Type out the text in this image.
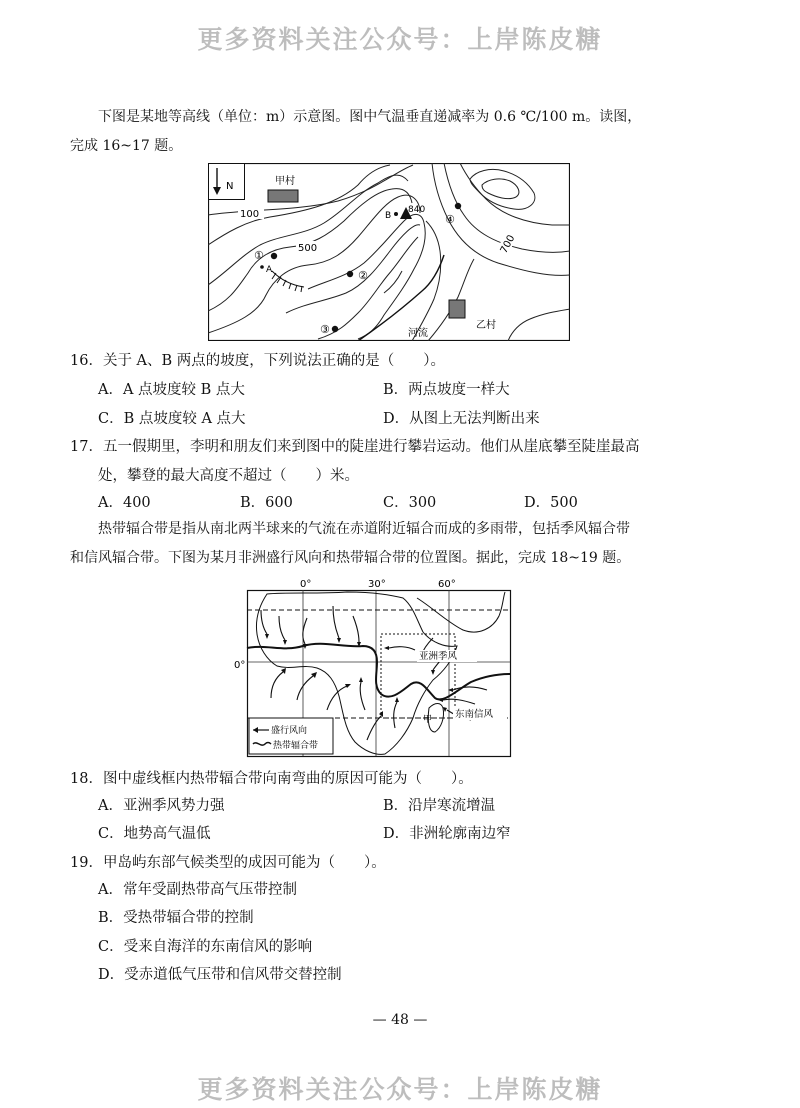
更多资料关注公众号：上岸陈皮糖
下图是某地等高线（单位：m）示意图。图中气温垂直递减率为 0.6 ℃/100 m。读图，
完成 16~17 题。
N	甲村
乙村
840
B
100
500	700
①
A	②
③
④
河流
16．关于 A、B 两点的坡度，下列说法正确的是（　　）。
A．A 点坡度较 B 点大	B．两点坡度一样大
C．B 点坡度较 A 点大	D．从图上无法判断出来
17．五一假期里，李明和朋友们来到图中的陡崖进行攀岩运动。他们从崖底攀至陡崖最高
处，攀登的最大高度不超过（　　）米。
A．400	B．600	C．300	D．500
热带辐合带是指从南北两半球来的气流在赤道附近辐合而成的多雨带，包括季风辐合带
和信风辐合带。下图为某月非洲盛行风向和热带辐合带的位置图。据此，完成 18~19 题。
0°	30°	60°
0°
甲
亚洲季风
东南信风
盛行风向
热带辐合带
18．图中虚线框内热带辐合带向南弯曲的原因可能为（　　）。
A．亚洲季风势力强	B．沿岸寒流增温
C．地势高气温低	D．非洲轮廓南边窄
19．甲岛屿东部气候类型的成因可能为（　　）。
A．常年受副热带高气压带控制
B．受热带辐合带的控制
C．受来自海洋的东南信风的影响
D．受赤道低气压带和信风带交替控制
— 48 —
更多资料关注公众号：上岸陈皮糖
